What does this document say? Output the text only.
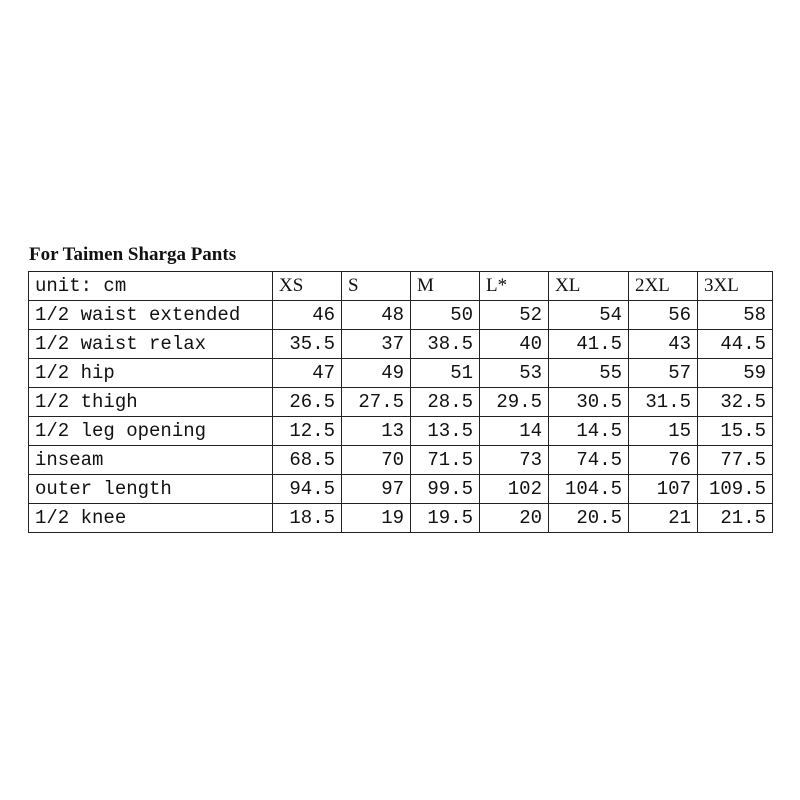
For Taimen Sharga Pants
unit: cm	XS	S	M	L*	XL	2XL	3XL
1/2 waist extended	46	48	50	52	54	56	58
1/2 waist relax	35.5	37	38.5	40	41.5	43	44.5
1/2 hip	47	49	51	53	55	57	59
1/2 thigh	26.5	27.5	28.5	29.5	30.5	31.5	32.5
1/2 leg opening	12.5	13	13.5	14	14.5	15	15.5
inseam	68.5	70	71.5	73	74.5	76	77.5
outer length	94.5	97	99.5	102	104.5	107	109.5
1/2 knee	18.5	19	19.5	20	20.5	21	21.5
